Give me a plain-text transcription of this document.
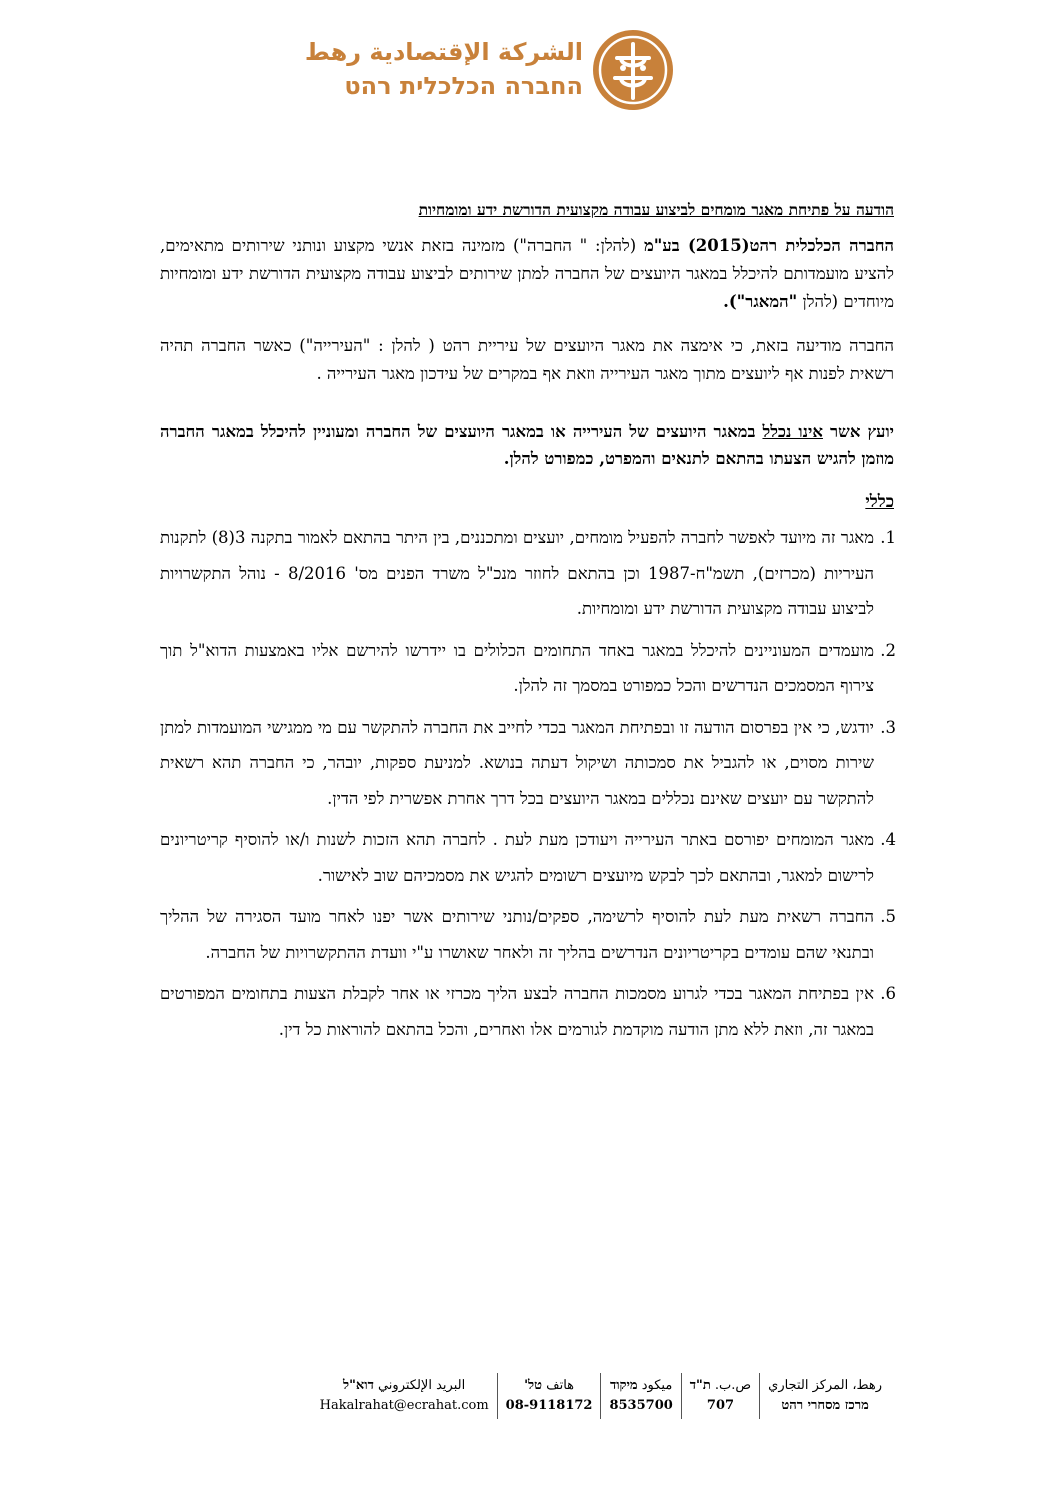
الشركة الإقتصادية رهط
החברה הכלכלית רהט
הודעה על פתיחת מאגר מומחים לביצוע עבודה מקצועית הדורשת ידע ומומחיות

החברה הכלכלית רהט(2015) בע"מ (להלן: " החברה") מזמינה בזאת אנשי מקצוע ונותני שירותים מתאימים, להציע מועמדותם להיכלל במאגר היועצים של החברה למתן שירותים לביצוע עבודה מקצועית הדורשת ידע ומומחיות מיוחדים (להלן "המאגר").

החברה מודיעה בזאת, כי אימצה את מאגר היועצים של עיריית רהט ( להלן : "העירייה") כאשר החברה תהיה רשאית לפנות אף ליועצים מתוך מאגר העירייה וזאת אף במקרים של עידכון מאגר העירייה .

יועץ אשר אינו נכלל במאגר היועצים של העירייה או במאגר היועצים של החברה ומעוניין להיכלל במאגר החברה מוזמן להגיש הצעתו בהתאם לתנאים והמפרט, כמפורט להלן.

כללי
1.
מאגר זה מיועד לאפשר לחברה להפעיל מומחים, יועצים ומתכננים, בין היתר בהתאם לאמור בתקנה 3(8) לתקנות העיריות (מכרזים), תשמ"ח-1987 וכן בהתאם לחוזר מנכ"ל משרד הפנים מס' 8/2016 - נוהל התקשרויות לביצוע עבודה מקצועית הדורשת ידע ומומחיות.
2.
מועמדים המעוניינים להיכלל במאגר באחד התחומים הכלולים בו יידרשו להירשם אליו באמצעות הדוא"ל תוך צירוף המסמכים הנדרשים והכל כמפורט במסמך זה להלן.
3.
יודגש, כי אין בפרסום הודעה זו ובפתיחת המאגר בכדי לחייב את החברה להתקשר עם מי ממגישי המועמדות למתן שירות מסוים, או להגביל את סמכותה ושיקול דעתה בנושא. למניעת ספקות, יובהר, כי החברה תהא רשאית להתקשר עם יועצים שאינם נכללים במאגר היועצים בכל דרך אחרת אפשרית לפי הדין.
4.
מאגר המומחים יפורסם באתר העירייה ויעודכן מעת לעת . לחברה תהא הזכות לשנות ו/או להוסיף קריטריונים לרישום למאגר, ובהתאם לכך לבקש מיועצים רשומים להגיש את מסמכיהם שוב לאישור.
5.
החברה רשאית מעת לעת להוסיף לרשימה, ספקים/נותני שירותים אשר יפנו לאחר מועד הסגירה של ההליך ובתנאי שהם עומדים בקריטריונים הנדרשים בהליך זה ולאחר שאושרו ע"י וועדת ההתקשרויות של החברה.
6.
אין בפתיחת המאגר בכדי לגרוע מסמכות החברה לבצע הליך מכרזי או אחר לקבלת הצעות בתחומים המפורטים במאגר זה, וזאת ללא מתן הודעה מוקדמת לגורמים אלו ואחרים, והכל בהתאם להוראות כל דין.
رهط، المركز التجاري
מרכז מסחרי רהט
ص.ب. ת"ד
707
ميكود מיקוד
8535700
هاتف טל'
08-9118172
البريد الإلكتروني דוא"ל
Hakalrahat@ecrahat.com
